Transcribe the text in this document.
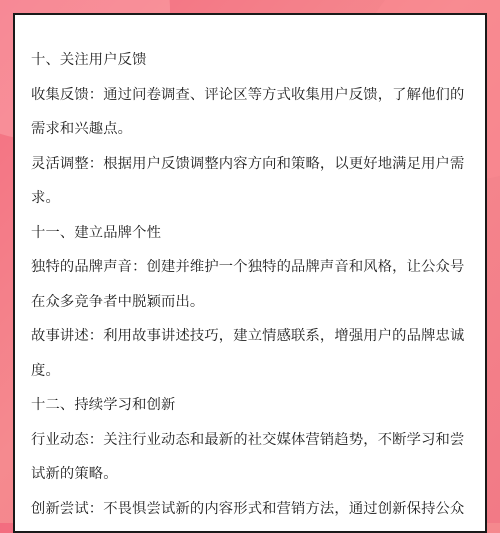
十、关注用户反馈
收集反馈：通过问卷调查、评论区等方式收集用户反馈，了解他们的
需求和兴趣点。
灵活调整：根据用户反馈调整内容方向和策略，以更好地满足用户需
求。
十一、建立品牌个性
独特的品牌声音：创建并维护一个独特的品牌声音和风格，让公众号
在众多竞争者中脱颖而出。
故事讲述：利用故事讲述技巧，建立情感联系，增强用户的品牌忠诚
度。
十二、持续学习和创新
行业动态：关注行业动态和最新的社交媒体营销趋势，不断学习和尝
试新的策略。
创新尝试：不畏惧尝试新的内容形式和营销方法，通过创新保持公众
